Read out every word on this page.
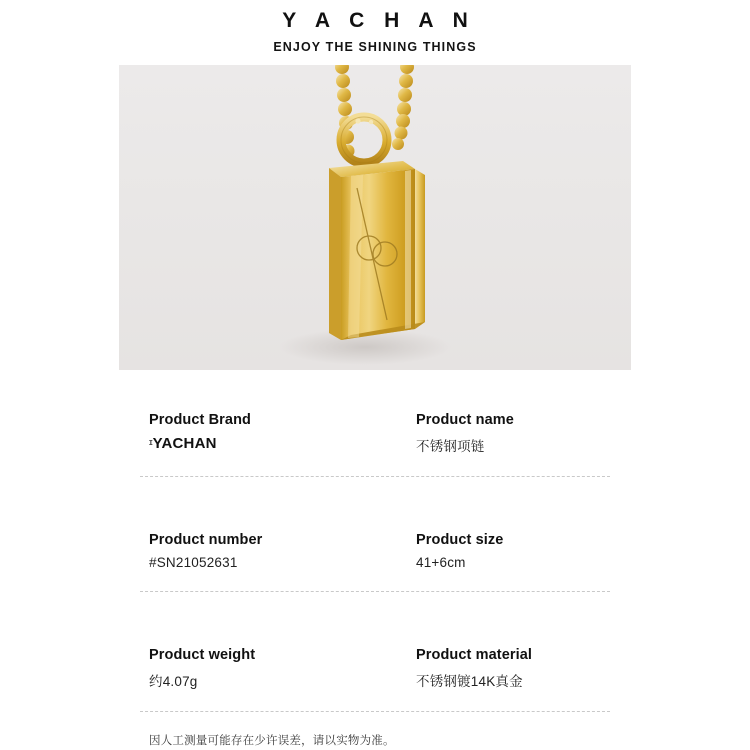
Y A C H A N
ENJOY THE SHINING THINGS
Product Brand
$^ɪ$YACHAN
Product name
不锈钢项链
Product number
#SN21052631
Product size
41+6cm
Product weight
约4.07g
Product material
不锈钢镀14K真金
因人工测量可能存在少许误差，请以实物为准。
